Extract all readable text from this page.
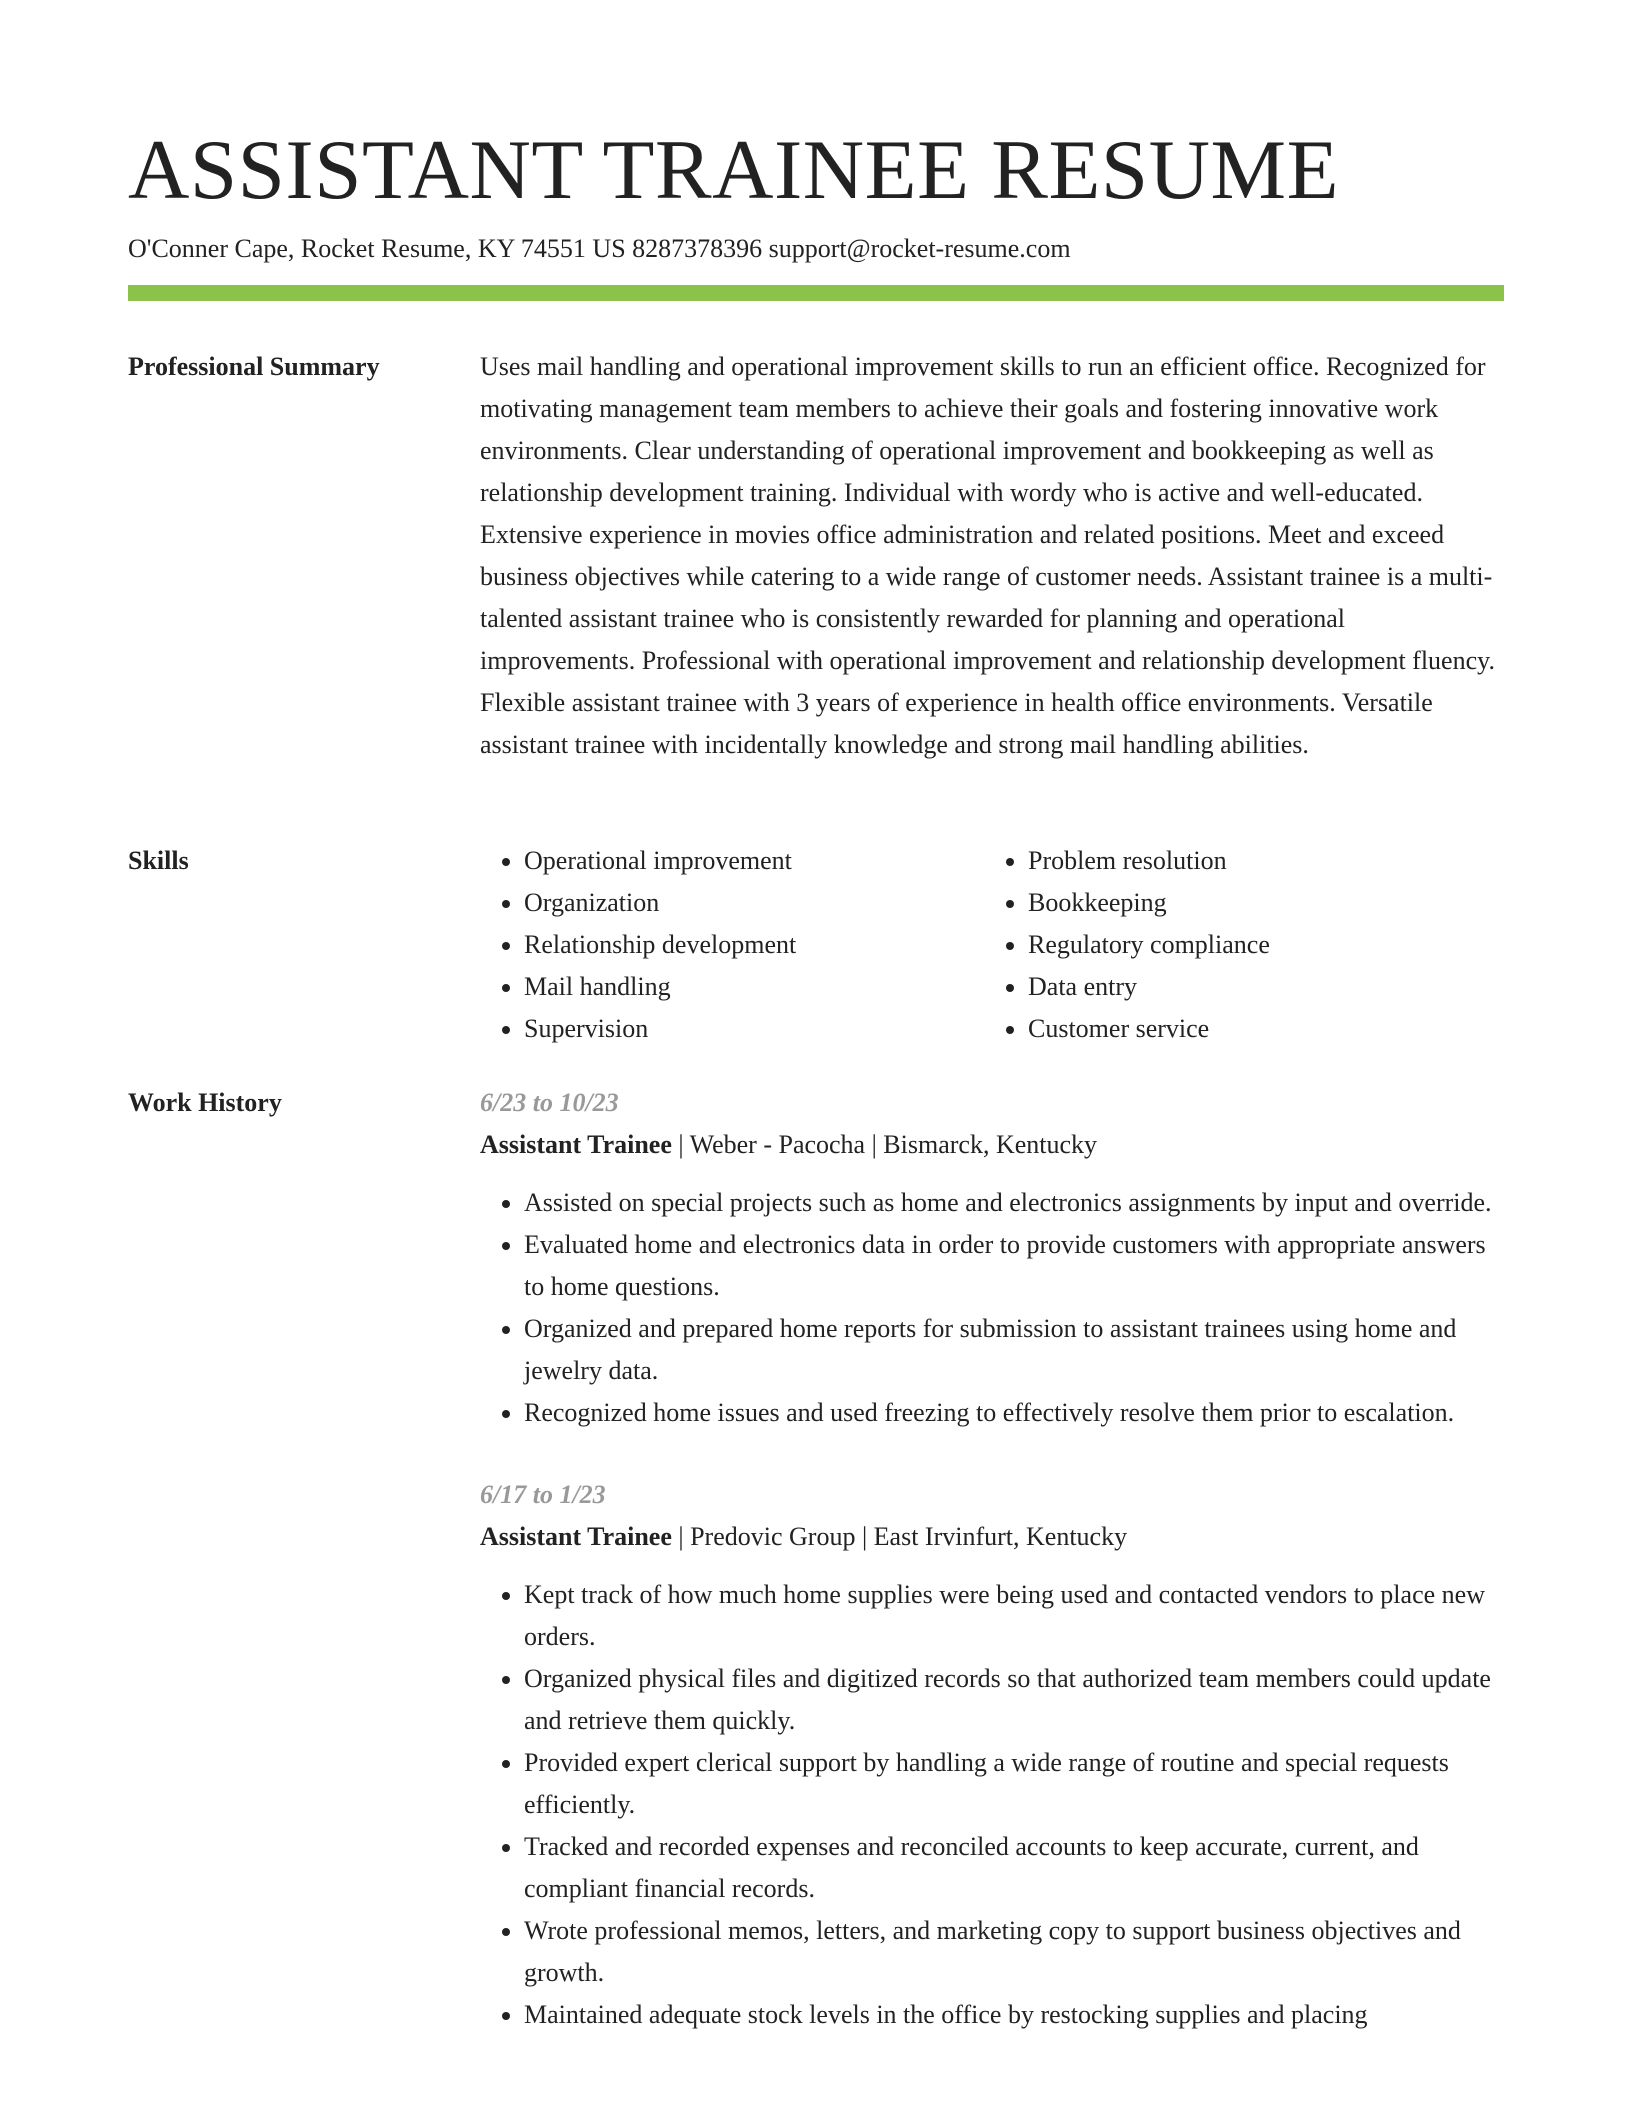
ASSISTANT TRAINEE RESUME
O'Conner Cape, Rocket Resume, KY 74551 US 8287378396 support@rocket-resume.com
Professional Summary	Uses mail handling and operational improvement skills to run an efficient office. Recognized for motivating management team members to achieve their goals and fostering innovative work environments. Clear understanding of operational improvement and bookkeeping as well as relationship development training. Individual with wordy who is active and well-educated. Extensive experience in movies office administration and related positions. Meet and exceed business objectives while catering to a wide range of customer needs. Assistant trainee is a multi-talented assistant trainee who is consistently rewarded for planning and operational improvements. Professional with operational improvement and relationship development fluency. Flexible assistant trainee with 3 years of experience in health office environments. Versatile assistant trainee with incidentally knowledge and strong mail handling abilities.

Skills
•	Operational improvement
• Organization
• Relationship development
• Mail handling
• Supervision
• Problem resolution
• Bookkeeping
• Regulatory compliance
• Data entry
• Customer service
Work History	6/23 to 10/23
Assistant Trainee | Weber - Pacocha | Bismarck, Kentucky
• Assisted on special projects such as home and electronics assignments by input and override.
• Evaluated home and electronics data in order to provide customers with appropriate answers to home questions.
• Organized and prepared home reports for submission to assistant trainees using home and jewelry data.
• Recognized home issues and used freezing to effectively resolve them prior to escalation.
6/17 to 1/23
Assistant Trainee | Predovic Group | East Irvinfurt, Kentucky
• Kept track of how much home supplies were being used and contacted vendors to place new orders.
• Organized physical files and digitized records so that authorized team members could update and retrieve them quickly.
• Provided expert clerical support by handling a wide range of routine and special requests efficiently.
• Tracked and recorded expenses and reconciled accounts to keep accurate, current, and compliant financial records.
• Wrote professional memos, letters, and marketing copy to support business objectives and growth.
• Maintained adequate stock levels in the office by restocking supplies and placing
